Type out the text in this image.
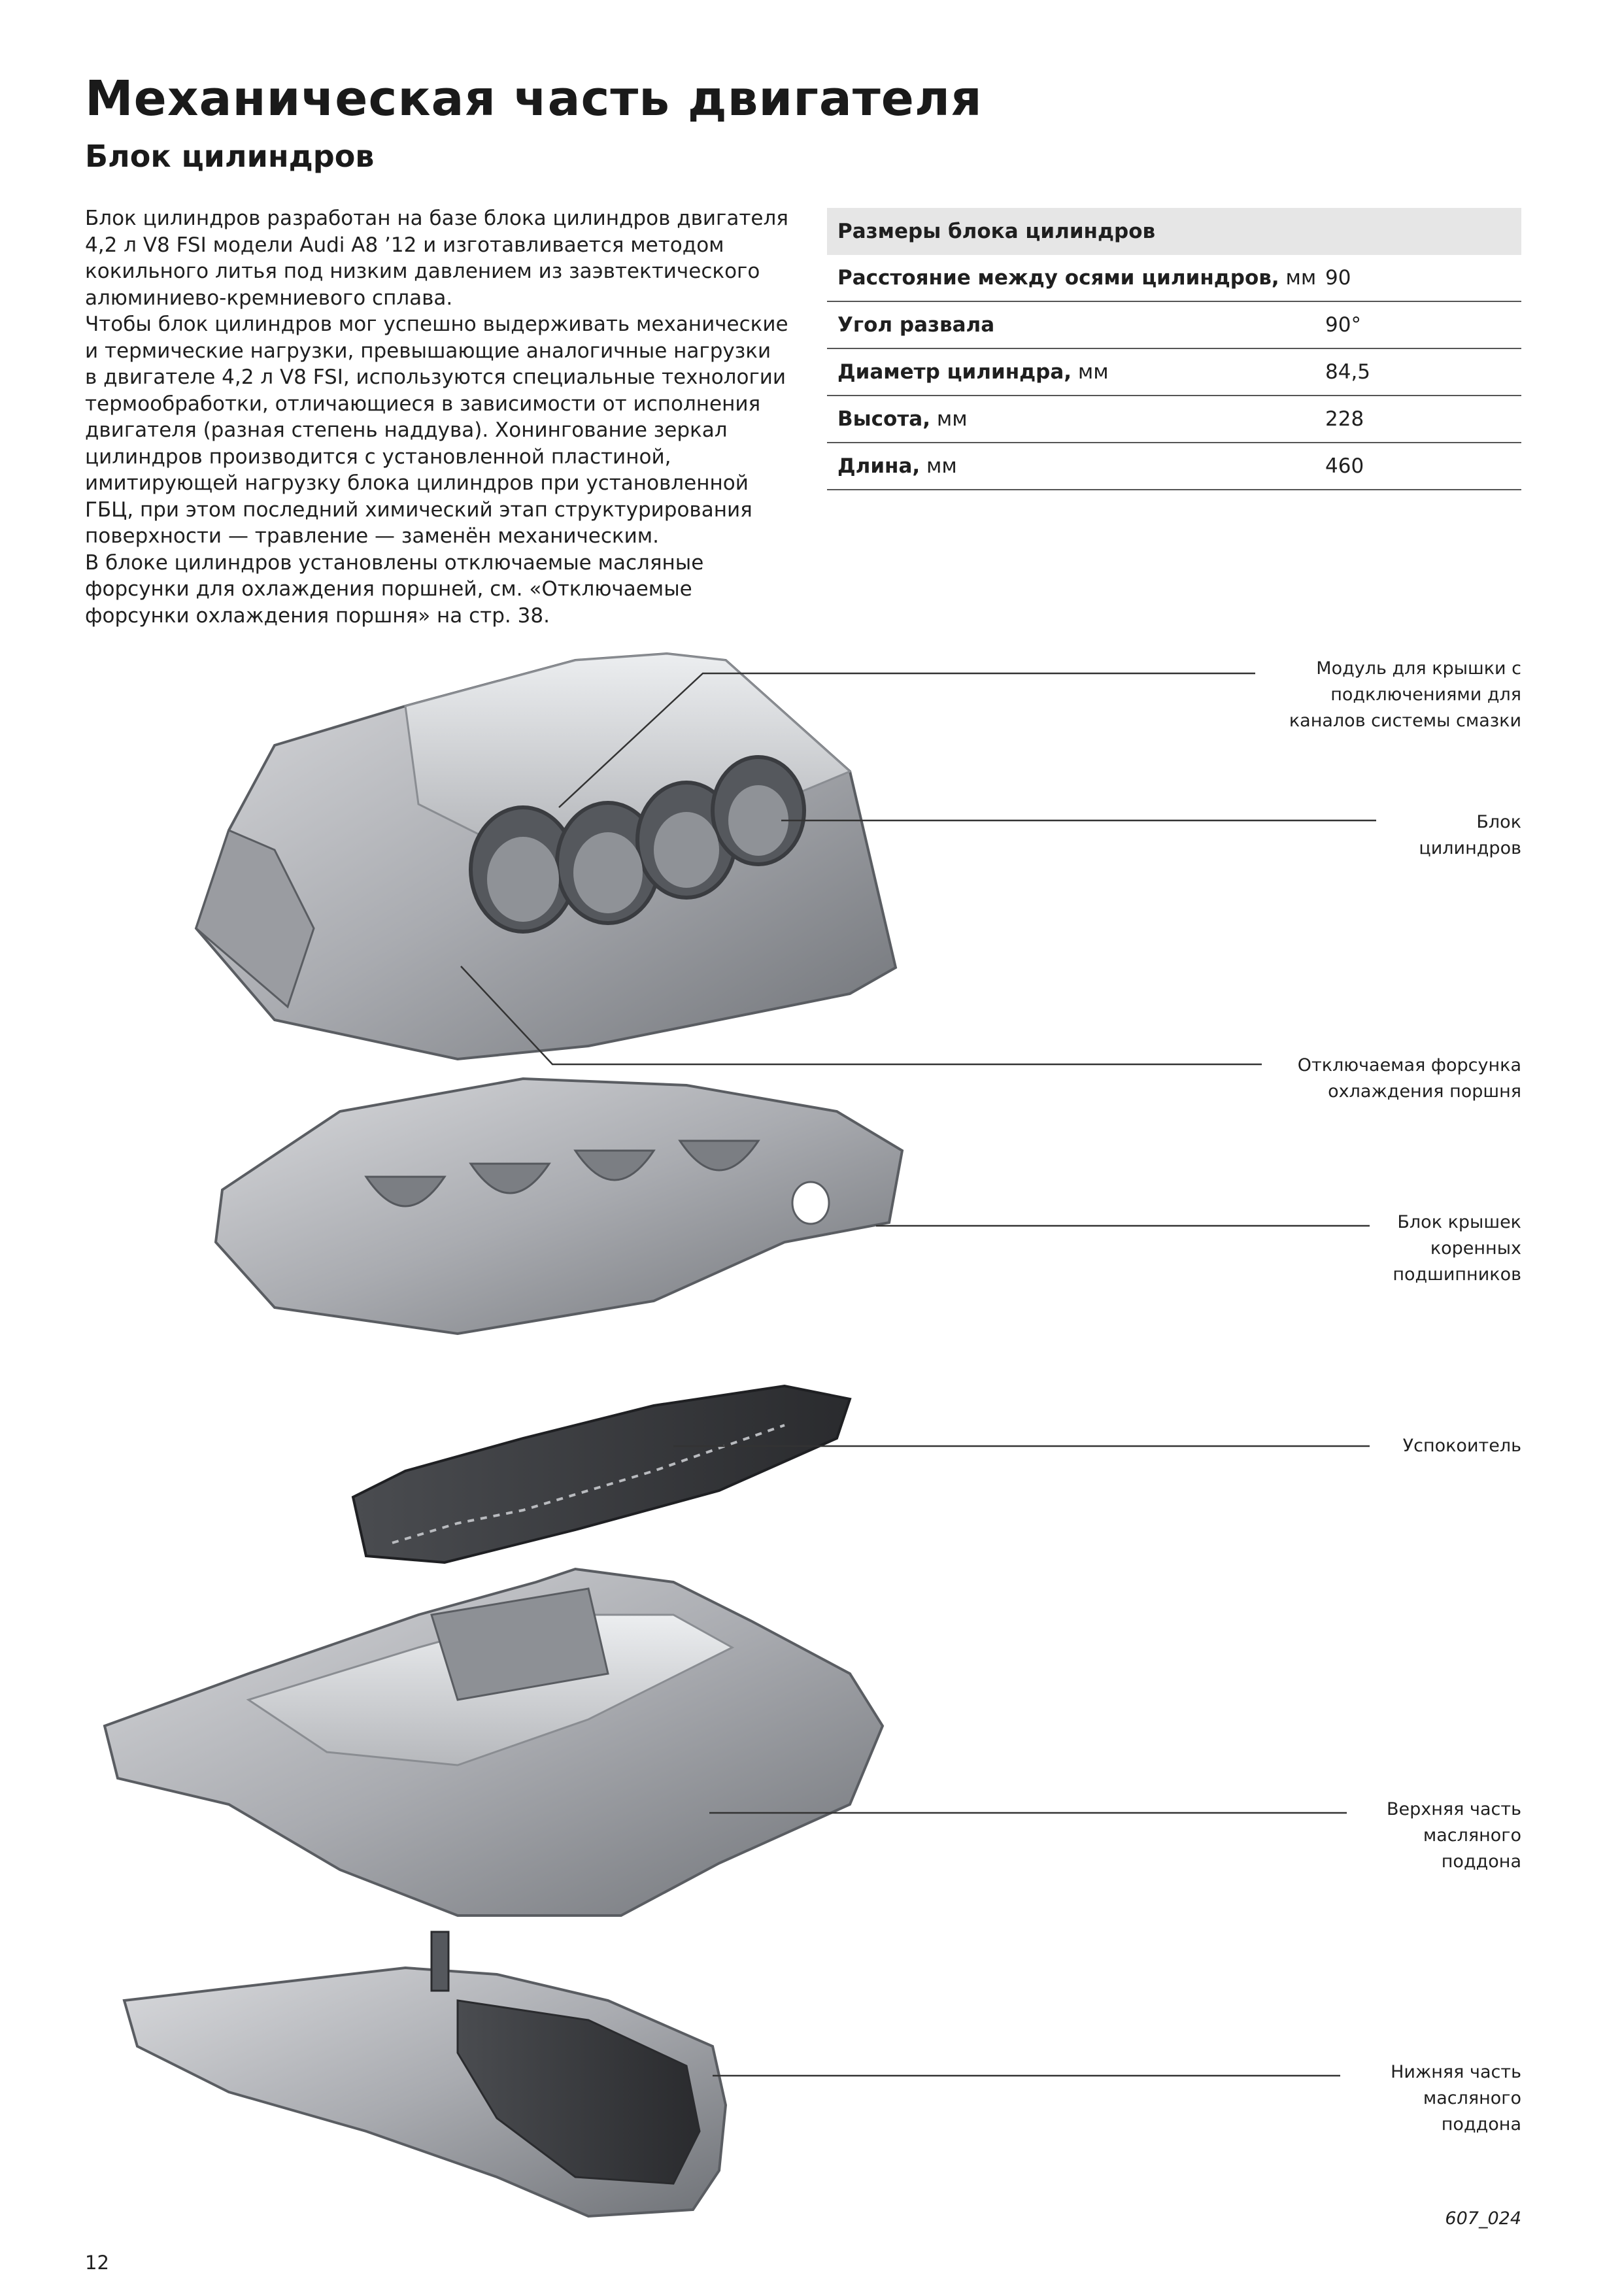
Механическая часть двигателя
Блок цилиндров

Блок цилиндров разработан на базе блока цилиндров двигателя

4,2 л V8 FSI модели Audi A8 ’12 и изготавливается методом

кокильного литья под низким давлением из заэвтектического

алюминиево-кремниевого сплава.

Чтобы блок цилиндров мог успешно выдерживать механические

и термические нагрузки, превышающие аналогичные нагрузки

в двигателе 4,2 л V8 FSI, используются специальные технологии

термообработки, отличающиеся в зависимости от исполнения

двигателя (разная степень наддува). Хонингование зеркал

цилиндров производится с установленной пластиной,

имитирующей нагрузку блока цилиндров при установленной

ГБЦ, при этом последний химический этап структурирования

поверхности — травление — заменён механическим.

В блоке цилиндров установлены отключаемые масляные

форсунки для охлаждения поршней, см. «Отключаемые

форсунки охлаждения поршня» на стр. 38.

Размеры блока цилиндров	
Расстояние между осями цилиндров, мм	90
Угол развала	90°
Диаметр цилиндра, мм	84,5
Высота, мм	228
Длина, мм	460
Модуль для крышки с
подключениями для
каналов системы смазки
Блок
цилиндров
Отключаемая форсунка
охлаждения поршня
Блок крышек
коренных
подшипников
Успокоитель
Верхняя часть
масляного
поддона
Нижняя часть
масляного
поддона
607_024
12
